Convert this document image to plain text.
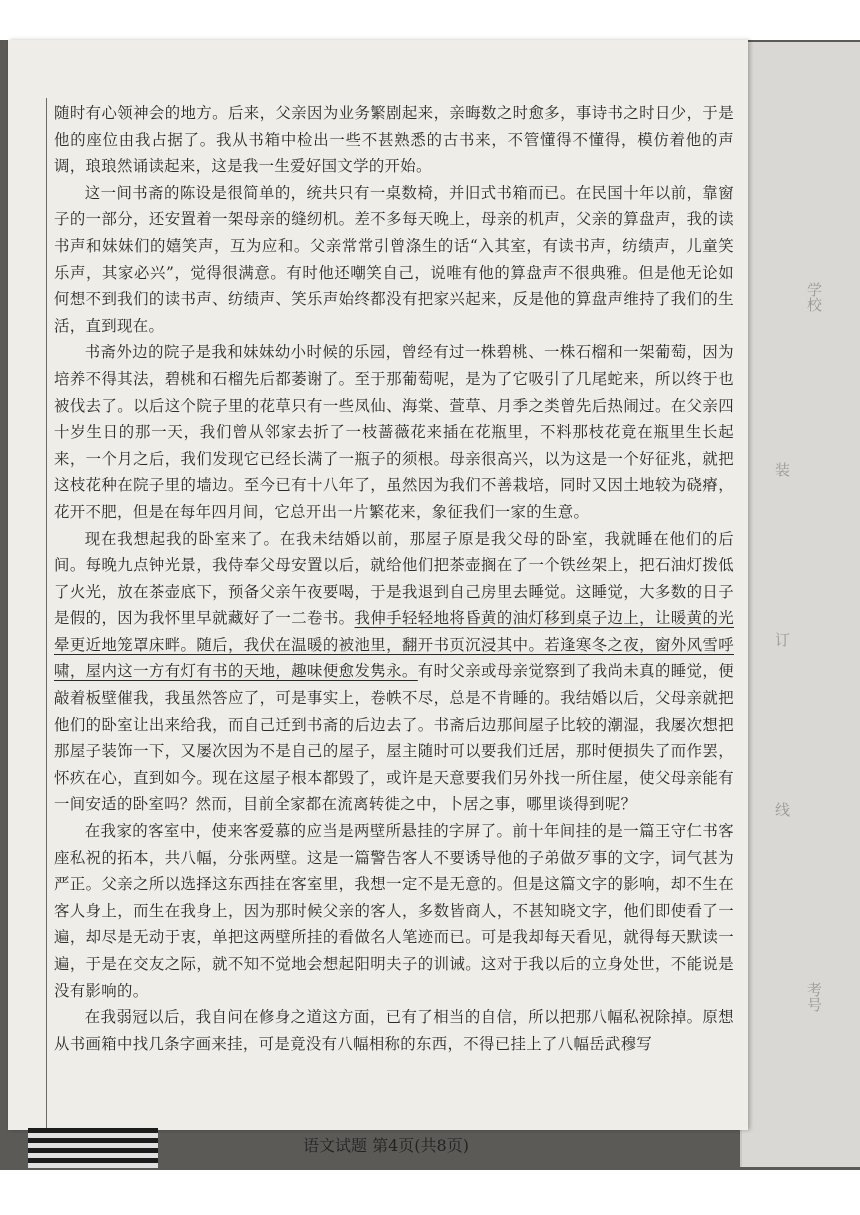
学校
装
订
线
考号

随时有心领神会的地方。后来，父亲因为业务繁剧起来，亲晦数之时愈多，事诗书之时日少，于是他的座位由我占据了。我从书箱中检出一些不甚熟悉的古书来，不管懂得不懂得，模仿着他的声调，琅琅然诵读起来，这是我一生爱好国文学的开始。

这一间书斋的陈设是很简单的，统共只有一桌数椅，并旧式书箱而已。在民国十年以前，靠窗子的一部分，还安置着一架母亲的缝纫机。差不多每天晚上，母亲的机声，父亲的算盘声，我的读书声和妹妹们的嬉笑声，互为应和。父亲常常引曾涤生的话“入其室，有读书声，纺绩声，儿童笑乐声，其家必兴”，觉得很满意。有时他还嘲笑自己，说唯有他的算盘声不很典雅。但是他无论如何想不到我们的读书声、纺绩声、笑乐声始终都没有把家兴起来，反是他的算盘声维持了我们的生活，直到现在。

书斋外边的院子是我和妹妹幼小时候的乐园，曾经有过一株碧桃、一株石榴和一架葡萄，因为培养不得其法，碧桃和石榴先后都萎谢了。至于那葡萄呢，是为了它吸引了几尾蛇来，所以终于也被伐去了。以后这个院子里的花草只有一些凤仙、海棠、萱草、月季之类曾先后热闹过。在父亲四十岁生日的那一天，我们曾从邻家去折了一枝蔷薇花来插在花瓶里，不料那枝花竟在瓶里生长起来，一个月之后，我们发现它已经长满了一瓶子的须根。母亲很高兴，以为这是一个好征兆，就把这枝花种在院子里的墙边。至今已有十八年了，虽然因为我们不善栽培，同时又因土地较为硗瘠，花开不肥，但是在每年四月间，它总开出一片繁花来，象征我们一家的生意。

现在我想起我的卧室来了。在我未结婚以前，那屋子原是我父母的卧室，我就睡在他们的后间。每晚九点钟光景，我侍奉父母安置以后，就给他们把茶壶搁在了一个铁丝架上，把石油灯拨低了火光，放在茶壶底下，预备父亲午夜要喝，于是我退到自己房里去睡觉。这睡觉，大多数的日子是假的，因为我怀里早就藏好了一二卷书。我伸手轻轻地将昏黄的油灯移到桌子边上，让暖黄的光晕更近地笼罩床畔。随后，我伏在温暖的被池里，翻开书页沉浸其中。若逢寒冬之夜，窗外风雪呼啸，屋内这一方有灯有书的天地，趣味便愈发隽永。有时父亲或母亲觉察到了我尚未真的睡觉，便敲着板壁催我，我虽然答应了，可是事实上，卷帙不尽，总是不肯睡的。我结婚以后，父母亲就把他们的卧室让出来给我，而自己迁到书斋的后边去了。书斋后边那间屋子比较的潮湿，我屡次想把那屋子装饰一下，又屡次因为不是自己的屋子，屋主随时可以要我们迁居，那时便损失了而作罢，怀疚在心，直到如今。现在这屋子根本都毁了，或许是天意要我们另外找一所住屋，使父母亲能有一间安适的卧室吗？然而，目前全家都在流离转徙之中，卜居之事，哪里谈得到呢？

在我家的客室中，使来客爱慕的应当是两壁所悬挂的字屏了。前十年间挂的是一篇王守仁书客座私祝的拓本，共八幅，分张两壁。这是一篇警告客人不要诱导他的子弟做歹事的文字，词气甚为严正。父亲之所以选择这东西挂在客室里，我想一定不是无意的。但是这篇文字的影响，却不生在客人身上，而生在我身上，因为那时候父亲的客人，多数皆商人，不甚知晓文字，他们即使看了一遍，却尽是无动于衷，单把这两壁所挂的看做名人笔迹而已。可是我却每天看见，就得每天默读一遍，于是在交友之际，就不知不觉地会想起阳明夫子的训诫。这对于我以后的立身处世，不能说是没有影响的。

在我弱冠以后，我自问在修身之道这方面，已有了相当的自信，所以把那八幅私祝除掉。原想从书画箱中找几条字画来挂，可是竟没有八幅相称的东西，不得已挂上了八幅岳武穆写

语文试题 第4页(共8页)
